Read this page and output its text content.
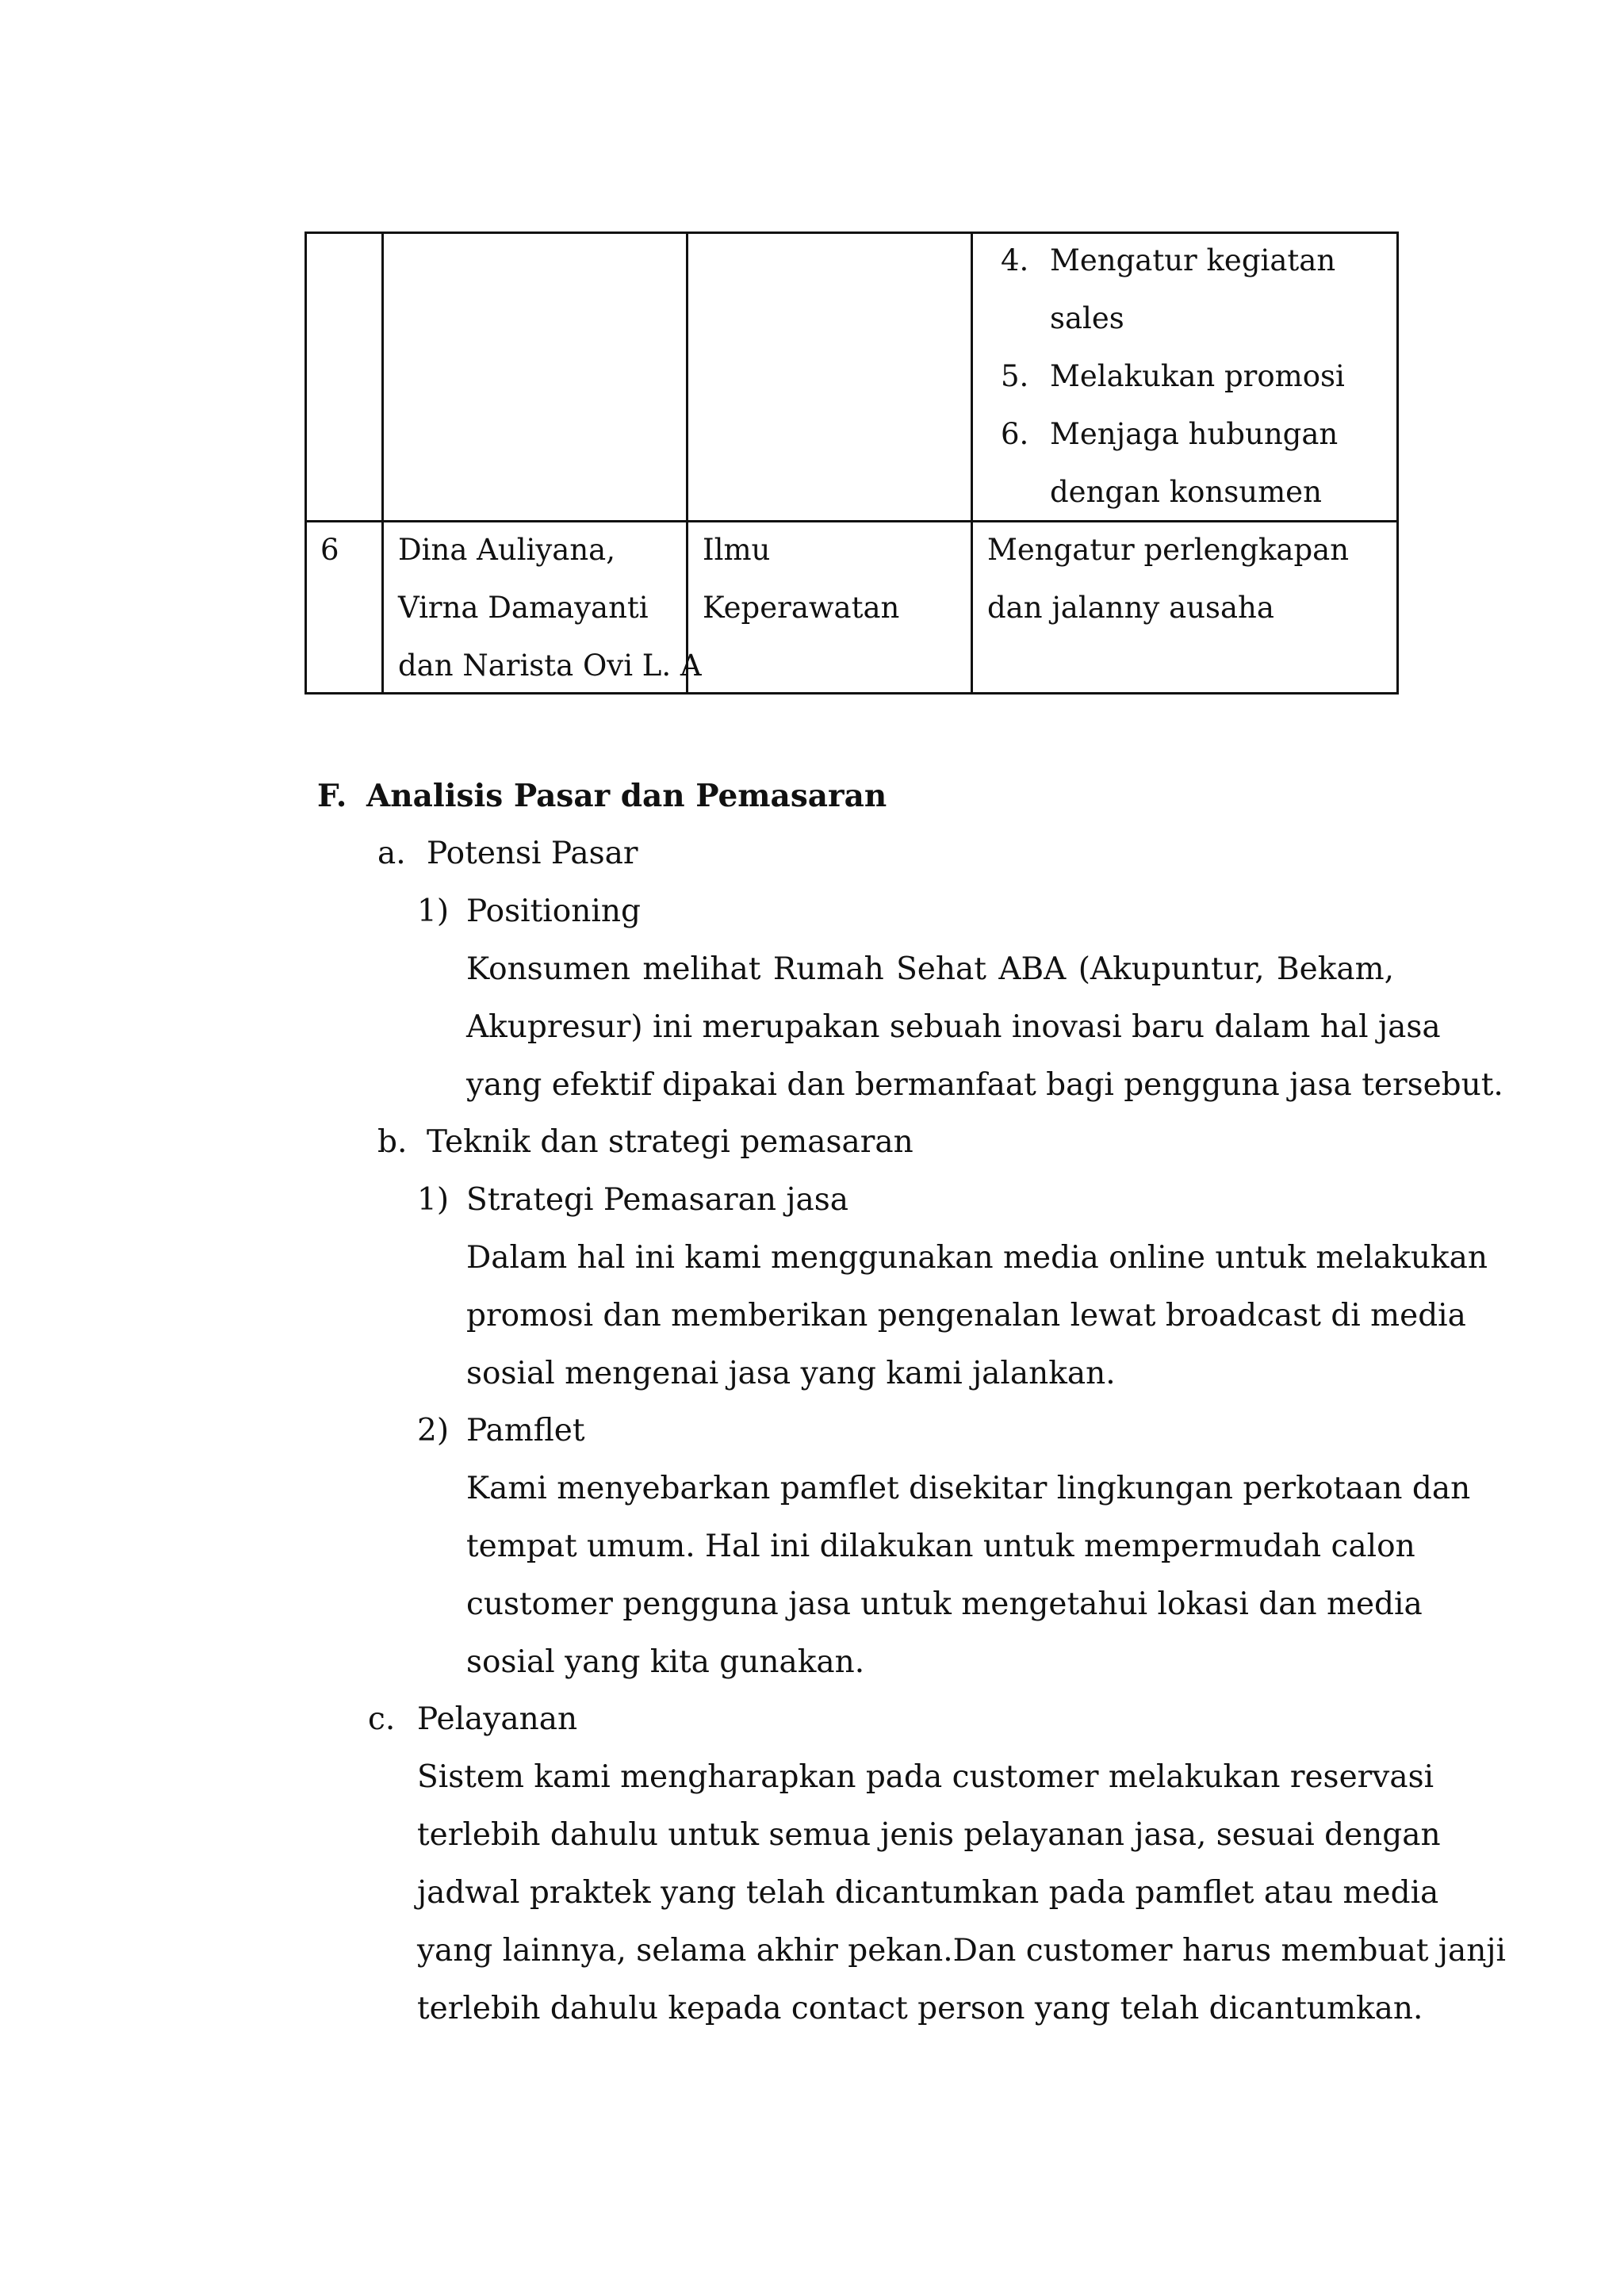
4. Mengatur kegiatan
sales
5. Melakukan promosi
6. Menjaga hubungan
dengan konsumen
6 Dina Auliyana,
Virna Damayanti
dan Narista Ovi L. A
Ilmu
Keperawatan
Mengatur perlengkapan
dan jalanny ausaha
F. Analisis Pasar dan Pemasaran
a. Potensi Pasar
1) Positioning
Konsumen melihat Rumah Sehat ABA (Akupuntur, Bekam,
Akupresur) ini merupakan sebuah inovasi baru dalam hal jasa
yang efektif dipakai dan bermanfaat bagi pengguna jasa tersebut.
b. Teknik dan strategi pemasaran
1) Strategi Pemasaran jasa
Dalam hal ini kami menggunakan media online untuk melakukan
promosi dan memberikan pengenalan lewat broadcast di media
sosial mengenai jasa yang kami jalankan.
2) Pamflet
Kami menyebarkan pamflet disekitar lingkungan perkotaan dan
tempat umum. Hal ini dilakukan untuk mempermudah calon
customer pengguna jasa untuk mengetahui lokasi dan media
sosial yang kita gunakan.
c. Pelayanan
Sistem kami mengharapkan pada customer melakukan reservasi
terlebih dahulu untuk semua jenis pelayanan jasa, sesuai dengan
jadwal praktek yang telah dicantumkan pada pamflet atau media
yang lainnya, selama akhir pekan.Dan customer harus membuat janji
terlebih dahulu kepada contact person yang telah dicantumkan.
